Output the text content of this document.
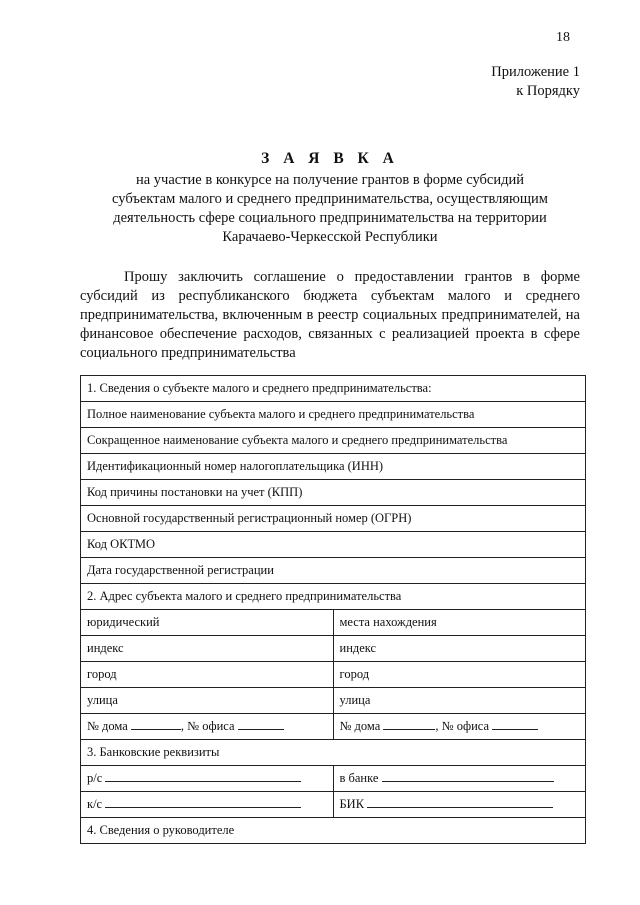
18
Приложение 1
к Порядку
З А Я В К А
на участие в конкурсе на получение грантов в форме субсидий
субъектам малого и среднего предпринимательства, осуществляющим
деятельность сфере социального предпринимательства на территории
Карачаево-Черкесской Республики
Прошу заключить соглашение о предоставлении грантов в форме субсидий из республиканского бюджета субъектам малого и среднего предпринимательства, включенным в реестр социальных предпринимателей, на финансовое обеспечение расходов, связанных с реализацией проекта в сфере социального предпринимательства
1. Сведения о субъекте малого и среднего предпринимательства:	
Полное наименование субъекта малого и среднего предпринимательства	
Сокращенное наименование субъекта малого и среднего предпринимательства	
Идентификационный номер налогоплательщика (ИНН)	
Код причины постановки на учет (КПП)	
Основной государственный регистрационный номер (ОГРН)	
Код ОКТМО	
Дата государственной регистрации	
2. Адрес субъекта малого и среднего предпринимательства	
юридический	места нахождения
индекс	индекс
город	город
улица	улица
№ дома , № офиса	№ дома , № офиса
3. Банковские реквизиты	
р/с	в банке
к/с	БИК
4. Сведения о руководителе	
